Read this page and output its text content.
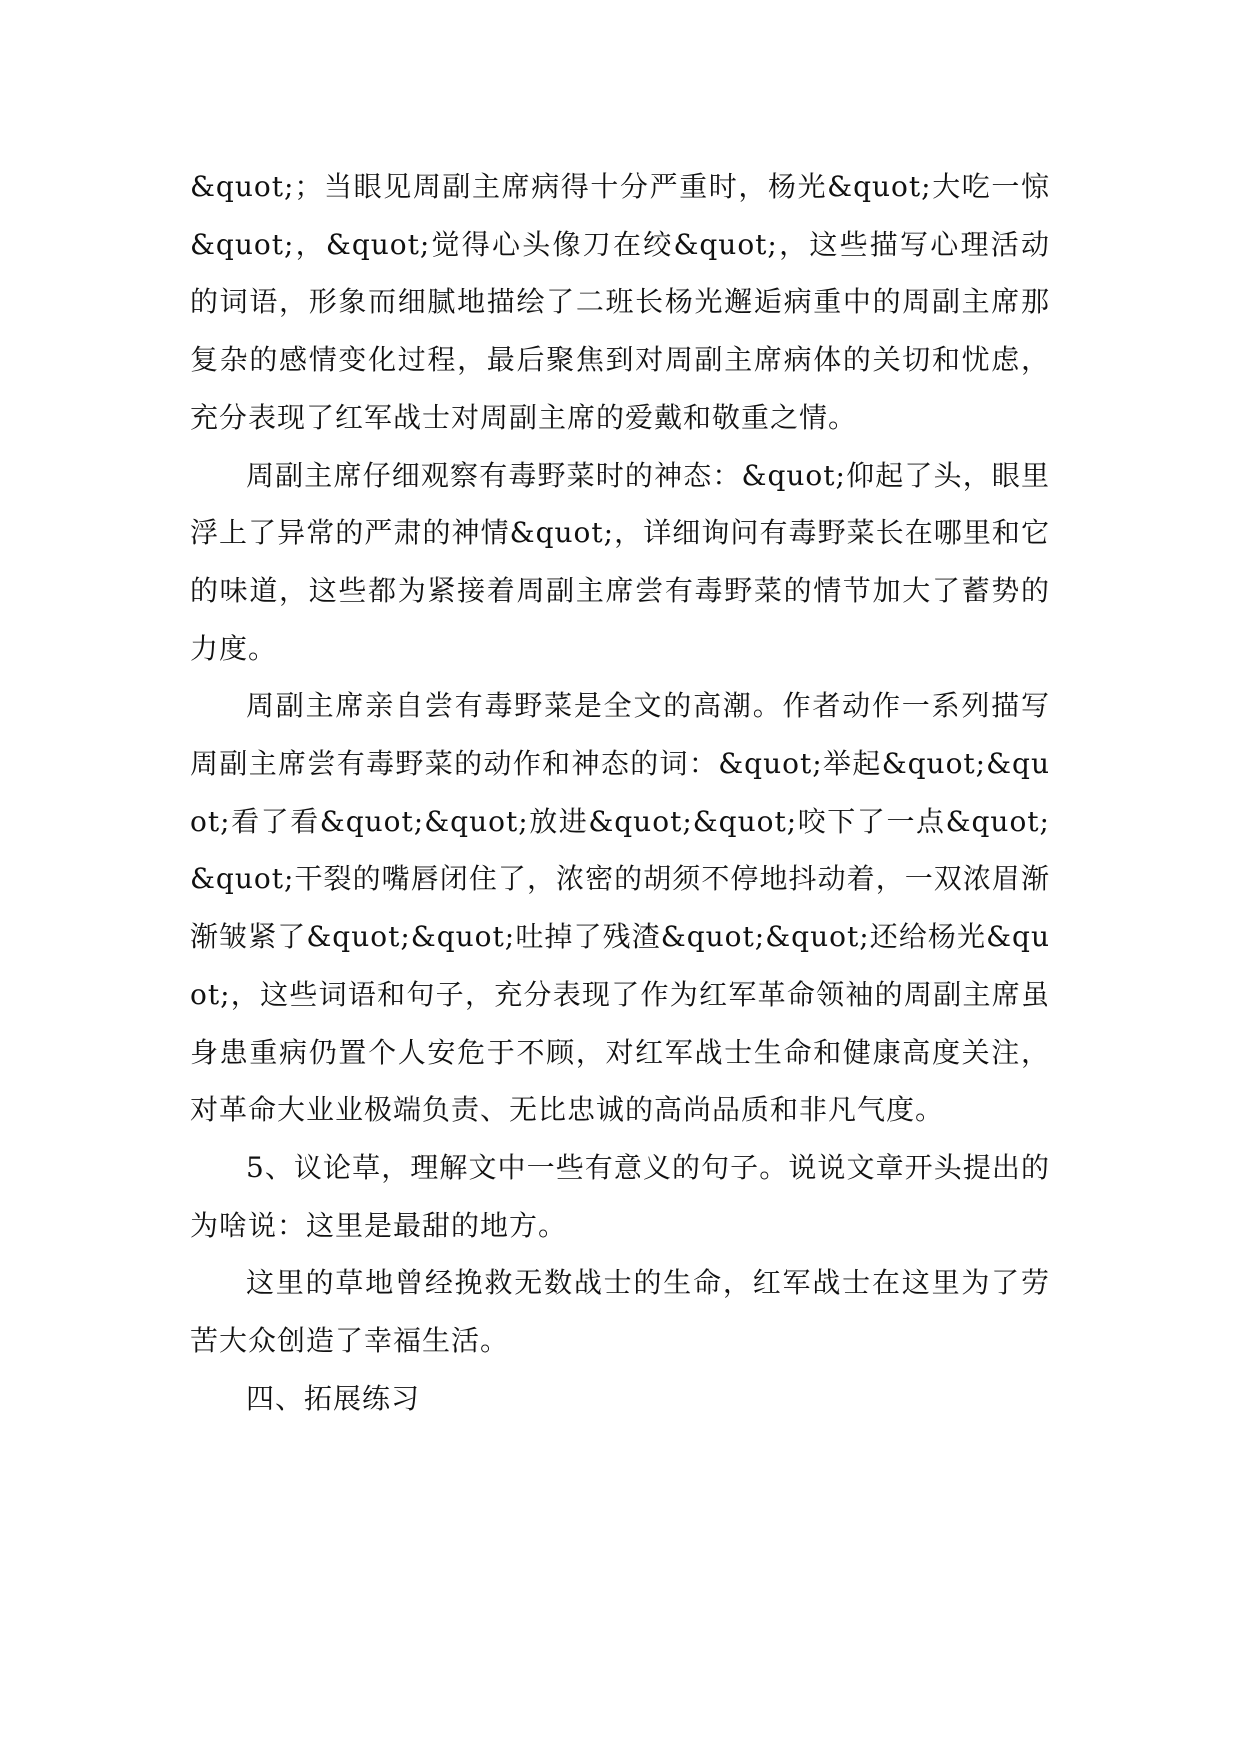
&quot;；当眼见周副主席病得十分严重时，杨光&quot;大吃一惊&quot;，&quot;觉得心头像刀在绞&quot;，这些描写心理活动的词语，形象而细腻地描绘了二班长杨光邂逅病重中的周副主席那复杂的感情变化过程，最后聚焦到对周副主席病体的关切和忧虑，充分表现了红军战士对周副主席的爱戴和敬重之情。

周副主席仔细观察有毒野菜时的神态：&quot;仰起了头，眼里浮上了异常的严肃的神情&quot;，详细询问有毒野菜长在哪里和它的味道，这些都为紧接着周副主席尝有毒野菜的情节加大了蓄势的力度。

周副主席亲自尝有毒野菜是全文的高潮。作者动作一系列描写周副主席尝有毒野菜的动作和神态的词：&quot;举起&quot;&quot;看了看&quot;&quot;放进&quot;&quot;咬下了一点&quot;&quot;干裂的嘴唇闭住了，浓密的胡须不停地抖动着，一双浓眉渐渐皱紧了&quot;&quot;吐掉了残渣&quot;&quot;还给杨光&quot;，这些词语和句子，充分表现了作为红军革命领袖的周副主席虽身患重病仍置个人安危于不顾，对红军战士生命和健康高度关注，对革命大业业极端负责、无比忠诚的高尚品质和非凡气度。

5、议论草，理解文中一些有意义的句子。说说文章开头提出的为啥说：这里是最甜的地方。

这里的草地曾经挽救无数战士的生命，红军战士在这里为了劳苦大众创造了幸福生活。

四、拓展练习
